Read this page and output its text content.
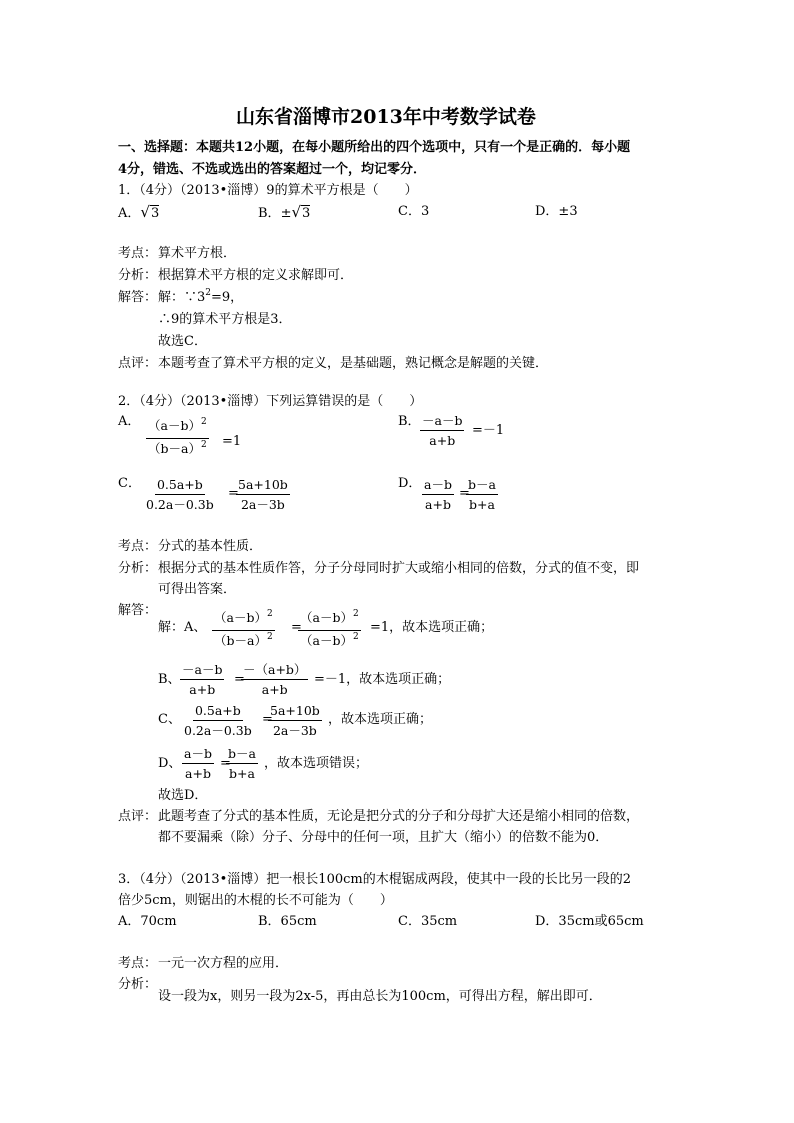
山东省淄博市2013年中考数学试卷
一、选择题：本题共12小题，在每小题所给出的四个选项中，只有一个是正确的．每小题
4分，错选、不选或选出的答案超过一个，均记零分．
1．（4分）（2013•淄博）9的算术平方根是（　　）
A．√3	B．±√3	C．3	D．±3
考点： 算术平方根．
分析： 根据算术平方根的定义求解即可．
解答： 解：$\because 3^2=9$，
∴9的算术平方根是3．
故选C．
点评： 本题考查了算术平方根的定义，是基础题，熟记概念是解题的关键．
2．（4分）（2013•淄博）下列运算错误的是（　　）
A． $\frac{(a-b)^2}{(b-a)^2} =1$
B． $\frac{-a-b}{a+b} =-1$
C． $\frac{0.5a+b}{0.2a-0.3b}$ =
$\frac{5a+10b}{2a-3b}$	D． $\frac{a-b}{a+b}$ =
$\frac{b-a}{b+a}$
考点： 分式的基本性质．
分析： 根据分式的基本性质作答，分子分母同时扩大或缩小相同的倍数，分式的值不变，即
可得出答案．
解答：
解：A、 $\frac{(a-b)^2}{(b-a)^2}$ =
$\frac{(a-b)^2}{(a-b)^2} =1$，故本选项正确；
B、 $\frac{-a-b}{a+b}$ =
$\frac{-(a+b)}{a+b} =-1$，故本选项正确；
C、 $\frac{0.5a+b}{0.2a-0.3b}$ =
$\frac{5a+10b}{2a-3b}$ ，故本选项正确；
D、 $\frac{a-b}{a+b}$ =
$\frac{b-a}{b+a}$ ，故本选项错误；
故选D．
点评： 此题考查了分式的基本性质，无论是把分式的分子和分母扩大还是缩小相同的倍数，
都不要漏乘（除）分子、分母中的任何一项，且扩大（缩小）的倍数不能为0．
3．（4分）（2013•淄博）把一根长100cm的木棍锯成两段，使其中一段的长比另一段的2
倍少5cm，则锯出的木棍的长不可能为（　　）
A．70cm	B．65cm	C．35cm	D．35cm或65cm
考点： 一元一次方程的应用．
分析：
设一段为x，则另一段为2x-5，再由总长为100cm，可得出方程，解出即可．
